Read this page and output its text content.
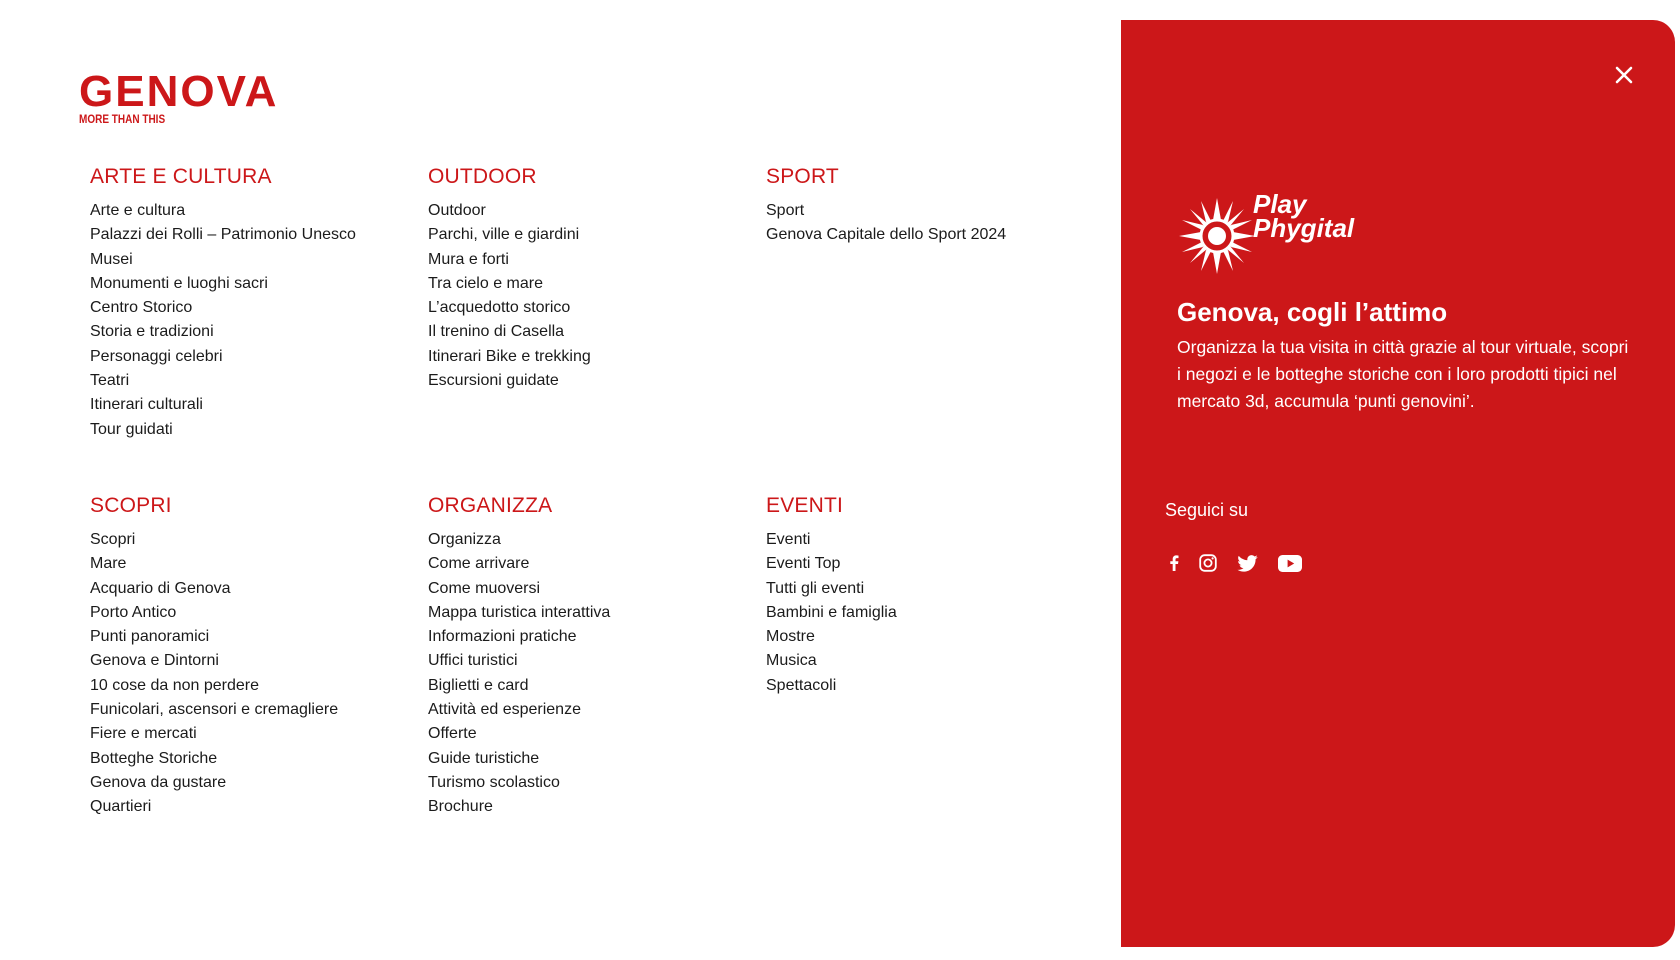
GENOVA
MORE THAN THIS
ARTE E CULTURA
Arte e cultura
Palazzi dei Rolli – Patrimonio Unesco
Musei
Monumenti e luoghi sacri
Centro Storico
Storia e tradizioni
Personaggi celebri
Teatri
Itinerari culturali
Tour guidati
OUTDOOR
Outdoor
Parchi, ville e giardini
Mura e forti
Tra cielo e mare
L’acquedotto storico
Il trenino di Casella
Itinerari Bike e trekking
Escursioni guidate
SPORT
Sport
Genova Capitale dello Sport 2024
SCOPRI
Scopri
Mare
Acquario di Genova
Porto Antico
Punti panoramici
Genova e Dintorni
10 cose da non perdere
Funicolari, ascensori e cremagliere
Fiere e mercati
Botteghe Storiche
Genova da gustare
Quartieri
ORGANIZZA
Organizza
Come arrivare
Come muoversi
Mappa turistica interattiva
Informazioni pratiche
Uffici turistici
Biglietti e card
Attività ed esperienze
Offerte
Guide turistiche
Turismo scolastico
Brochure
EVENTI
Eventi
Eventi Top
Tutti gli eventi
Bambini e famiglia
Mostre
Musica
Spettacoli
Play
Phygital
Genova, cogli l’attimo
Organizza la tua visita in città grazie al tour virtuale, scopri i negozi e le botteghe storiche con i loro prodotti tipici nel mercato 3d, accumula ‘punti genovini’.
Seguici su
